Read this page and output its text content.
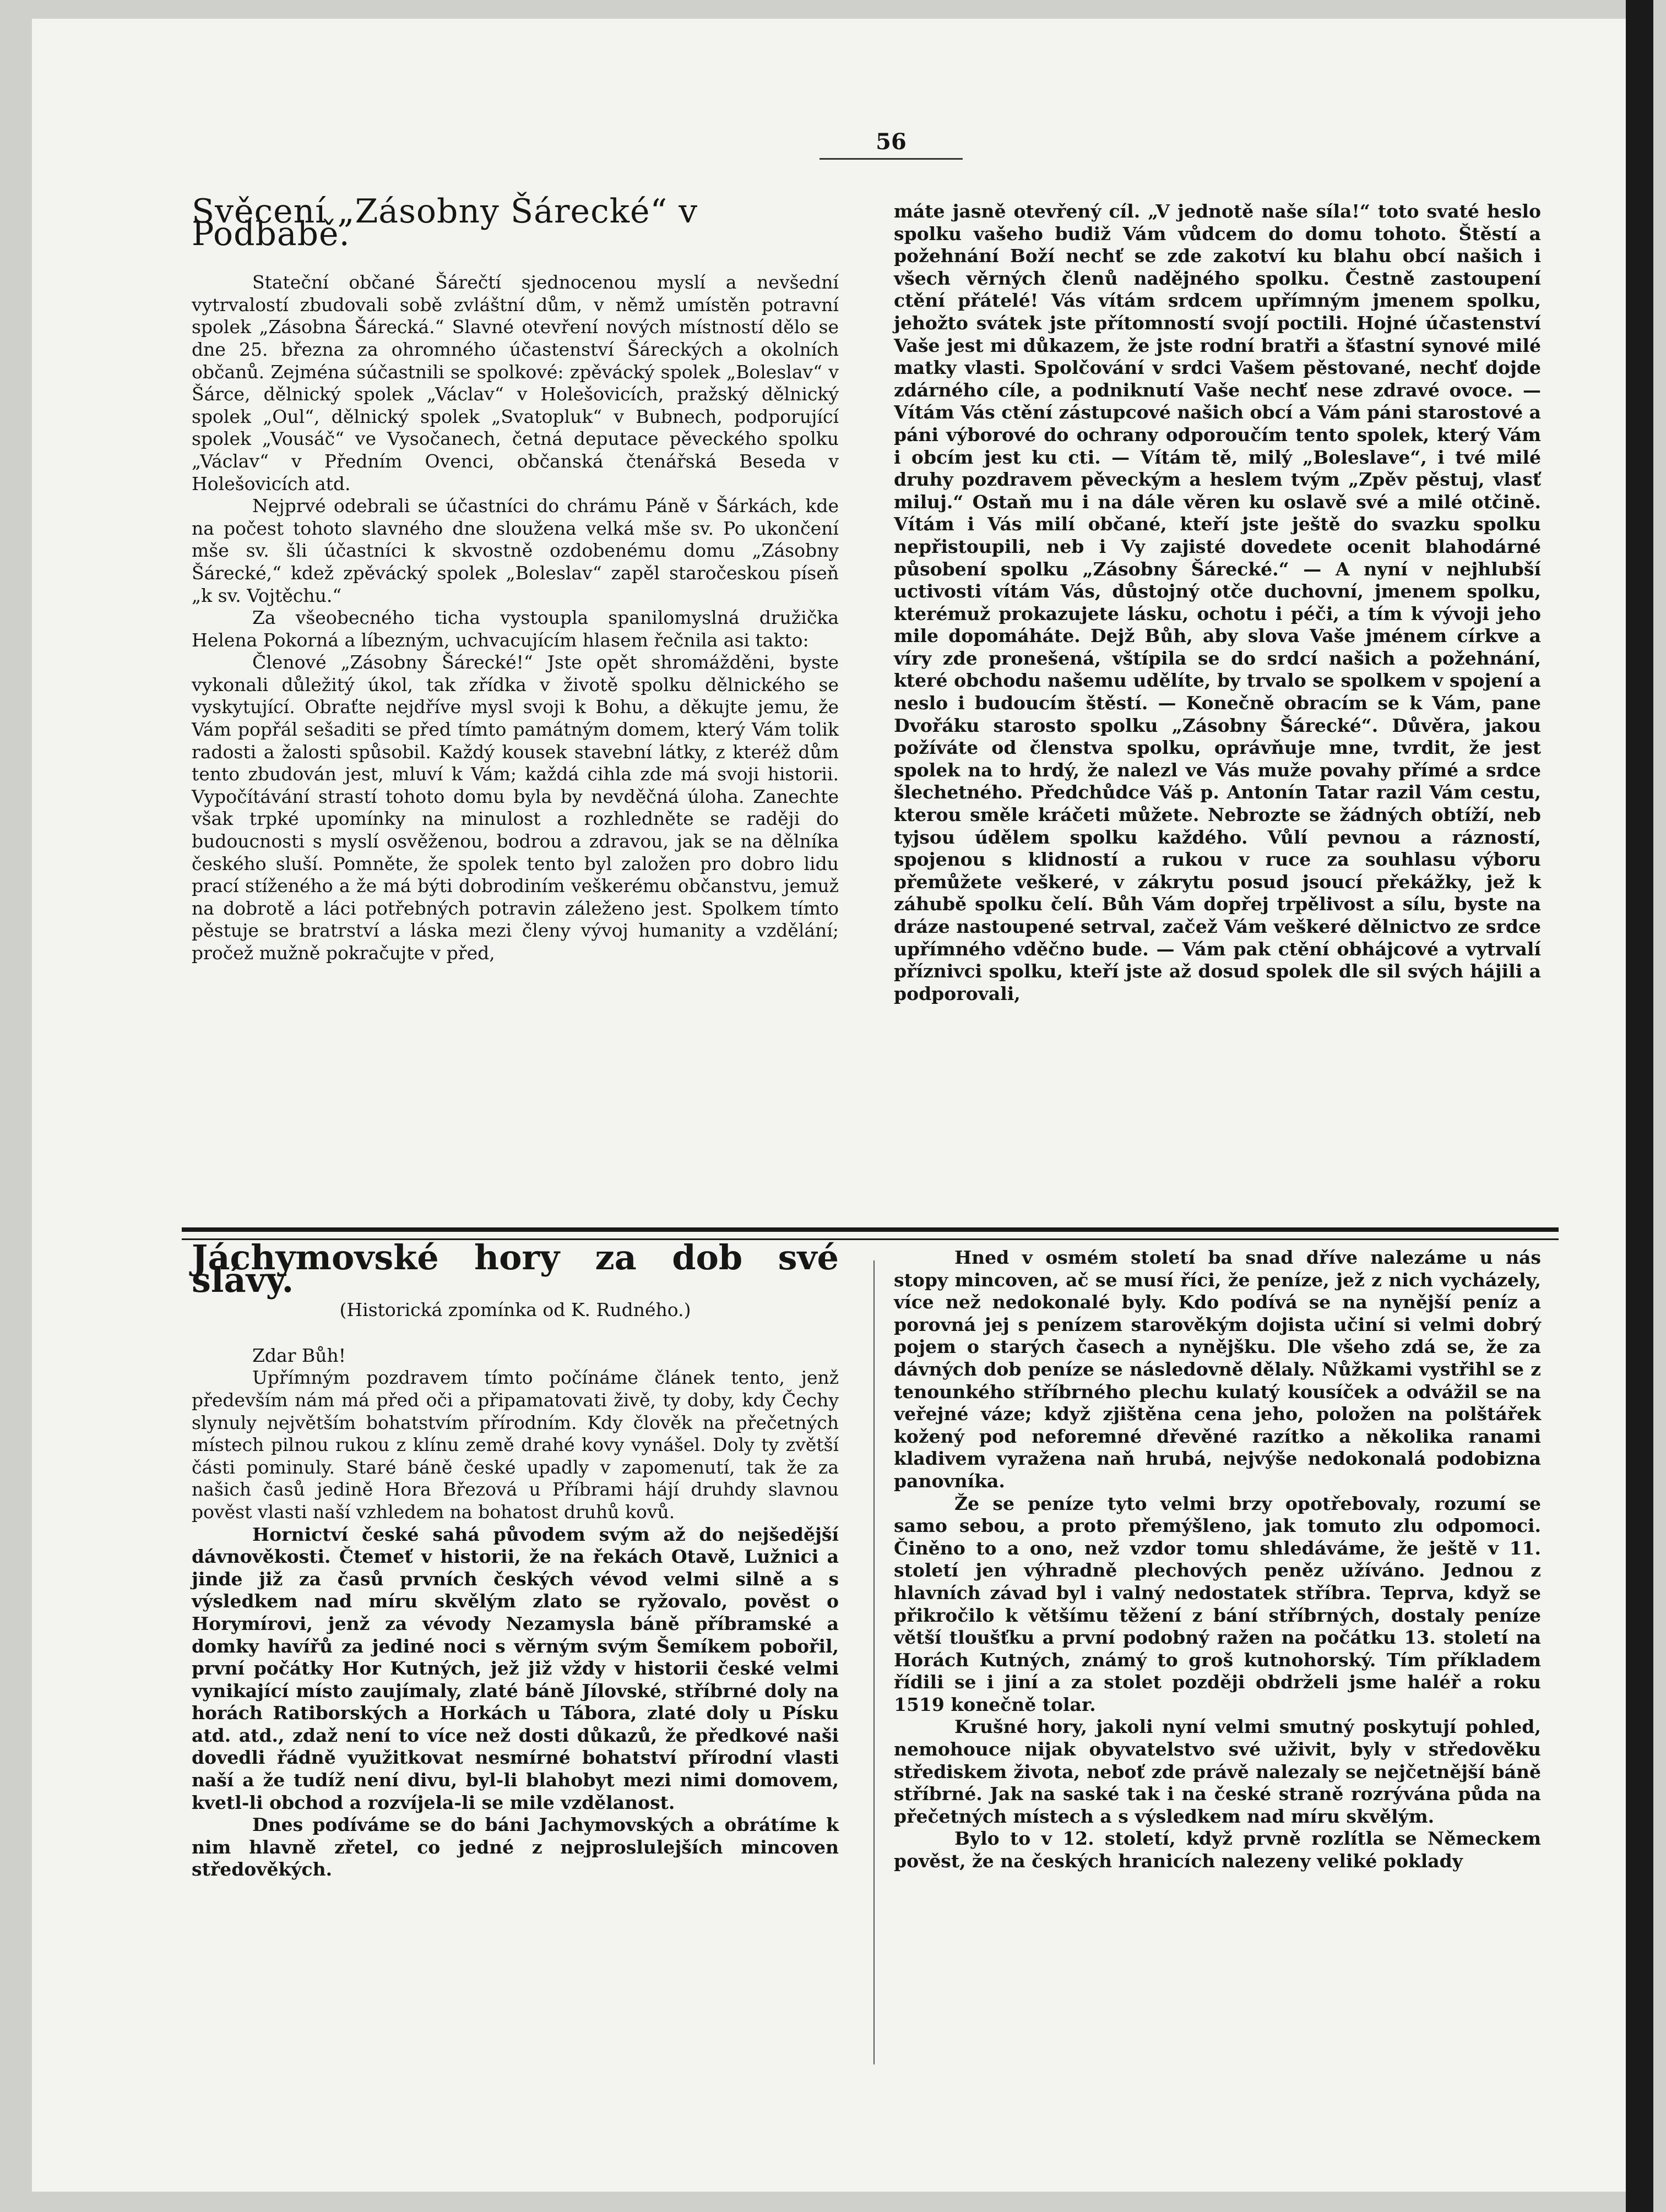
56
Svěcení „Zásobny Šárecké“ v Podbabě.

Stateční občané Šárečtí sjednocenou myslí a nevšední vytrvalostí zbudovali sobě zvláštní dům, v němž umístěn potravní spolek „Zásobna Šárecká.“ Slavné otevření nových místností dělo se dne 25. března za ohromného účastenství Šáreckých a okolních občanů. Zejména súčastnili se spolkové: zpěvácký spolek „Boleslav“ v Šárce, dělnický spolek „Václav“ v Holešovicích, pražský dělnický spolek „Oul“, dělnický spolek „Svatopluk“ v Bubnech, podporující spolek „Vousáč“ ve Vysočanech, četná deputace pěveckého spolku „Václav“ v Předním Ovenci, občanská čtenářská Beseda v Holešovicích atd.

Nejprvé odebrali se účastníci do chrámu Páně v Šárkách, kde na počest tohoto slavného dne sloužena velká mše sv. Po ukončení mše sv. šli účastníci k skvostně ozdobenému domu „Zásobny Šárecké,“ kdež zpěvácký spolek „Boleslav“ zapěl staročeskou píseň „k sv. Vojtěchu.“

Za všeobecného ticha vystoupla spanilomyslná družička Helena Pokorná a líbezným, uchvacujícím hlasem řečnila asi takto:

Členové „Zásobny Šárecké!“ Jste opět shromážděni, byste vykonali důležitý úkol, tak zřídka v životě spolku dělnického se vyskytující. Obraťte nejdříve mysl svoji k Bohu, a děkujte jemu, že Vám popřál sešaditi se před tímto památným domem, který Vám tolik radosti a žalosti spůsobil. Každý kousek stavební látky, z kteréž dům tento zbudován jest, mluví k Vám; každá cihla zde má svoji historii. Vypočítávání strastí tohoto domu byla by nevděčná úloha. Zanechte však trpké upomínky na minulost a rozhledněte se raději do budoucnosti s myslí osvěženou, bodrou a zdravou, jak se na dělníka českého sluší. Pomněte, že spolek tento byl založen pro dobro lidu prací stíženého a že má býti dobrodiním veškerému občanstvu, jemuž na dobrotě a láci potřebných potravin záleženo jest. Spolkem tímto pěstuje se bratrství a láska mezi členy vývoj humanity a vzdělání; pročež mužně pokračujte v před,

máte jasně otevřený cíl. „V jednotě naše síla!“ toto svaté heslo spolku vašeho budiž Vám vůdcem do domu tohoto. Štěstí a požehnání Boží nechť se zde zakotví ku blahu obcí našich i všech věrných členů nadějného spolku. Čestně zastoupení ctění přátelé! Vás vítám srdcem upřímným jmenem spolku, jehožto svátek jste přítomností svojí poctili. Hojné účastenství Vaše jest mi důkazem, že jste rodní bratři a šťastní synové milé matky vlasti. Spolčování v srdci Vašem pěstované, nechť dojde zdárného cíle, a podniknutí Vaše nechť nese zdravé ovoce. — Vítám Vás ctění zástupcové našich obcí a Vám páni starostové a páni výborové do ochrany odporoučím tento spolek, který Vám i obcím jest ku cti. — Vítám tě, milý „Boleslave“, i tvé milé druhy pozdravem pěveckým a heslem tvým „Zpěv pěstuj, vlasť miluj.“ Ostaň mu i na dále věren ku oslavě své a milé otčině. Vítám i Vás milí občané, kteří jste ještě do svazku spolku nepřistoupili, neb i Vy zajisté dovedete ocenit blahodárné působení spolku „Zásobny Šárecké.“ — A nyní v nejhlubší uctivosti vítám Vás, důstojný otče duchovní, jmenem spolku, kterémuž prokazujete lásku, ochotu i péči, a tím k vývoji jeho mile dopomáháte. Dejž Bůh, aby slova Vaše jménem církve a víry zde pronešená, vštípila se do srdcí našich a požehnání, které obchodu našemu udělíte, by trvalo se spolkem v spojení a neslo i budoucím štěstí. — Konečně obracím se k Vám, pane Dvořáku starosto spolku „Zásobny Šárecké“. Důvěra, jakou požíváte od členstva spolku, oprávňuje mne, tvrdit, že jest spolek na to hrdý, že nalezl ve Vás muže povahy přímé a srdce šlechetného. Předchůdce Váš p. Antonín Tatar razil Vám cestu, kterou směle kráčeti můžete. Nebrozte se žádných obtíží, neb tyjsou údělem spolku každého. Vůlí pevnou a rázností, spojenou s klidností a rukou v ruce za souhlasu výboru přemůžete veškeré, v zákrytu posud jsoucí překážky, jež k záhubě spolku čelí. Bůh Vám dopřej trpělivost a sílu, byste na dráze nastoupené setrval, začež Vám veškeré dělnictvo ze srdce upřímného vděčno bude. — Vám pak ctění obhájcové a vytrvalí příznivci spolku, kteří jste až dosud spolek dle sil svých hájili a podporovali,

Jáchymovské hory za dob své slávy.
(Historická zpomínka od K. Rudného.)

Zdar Bůh!

Upřímným pozdravem tímto počínáme článek tento, jenž především nám má před oči a připamatovati živě, ty doby, kdy Čechy slynuly největším bohatstvím přírodním. Kdy člověk na přečetných místech pilnou rukou z klínu země drahé kovy vynášel. Doly ty zvětší části pominuly. Staré báně české upadly v zapomenutí, tak že za našich časů jedině Hora Březová u Příbrami hájí druhdy slavnou pověst vlasti naší vzhledem na bohatost druhů kovů.

Hornictví české sahá původem svým až do nejšedější dávnověkosti. Čtemeť v historii, že na řekách Otavě, Lužnici a jinde již za časů prvních českých vévod velmi silně a s výsledkem nad míru skvělým zlato se ryžovalo, pověst o Horymírovi, jenž za vévody Nezamysla báně příbramské a domky havířů za jediné noci s věrným svým Šemíkem pobořil, první počátky Hor Kutných, jež již vždy v historii české velmi vynikající místo zaujímaly, zlaté báně Jílovské, stříbrné doly na horách Ratiborských a Horkách u Tábora, zlaté doly u Písku atd. atd., zdaž není to více než dosti důkazů, že předkové naši dovedli řádně využitkovat nesmírné bohatství přírodní vlasti naší a že tudíž není divu, byl-li blahobyt mezi nimi domovem, kvetl-li obchod a rozvíjela-li se mile vzdělanost.

Dnes podíváme se do báni Jachymovských a obrátíme k nim hlavně zřetel, co jedné z nejproslulejších mincoven středověkých.

Hned v osmém století ba snad dříve nalezáme u nás stopy mincoven, ač se musí říci, že peníze, jež z nich vycházely, více než nedokonalé byly. Kdo podívá se na nynější peníz a porovná jej s penízem starověkým dojista učiní si velmi dobrý pojem o starých časech a nynějšku. Dle všeho zdá se, že za dávných dob peníze se následovně dělaly. Nůžkami vystřihl se z tenounkého stříbrného plechu kulatý kousíček a odvážil se na veřejné váze; když zjištěna cena jeho, položen na polštářek kožený pod neforemné dřevěné razítko a několika ranami kladivem vyražena naň hrubá, nejvýše nedokonalá podobizna panovníka.

Že se peníze tyto velmi brzy opotřebovaly, rozumí se samo sebou, a proto přemýšleno, jak tomuto zlu odpomoci. Činěno to a ono, než vzdor tomu shledáváme, že ještě v 11. století jen výhradně plechových peněz užíváno. Jednou z hlavních závad byl i valný nedostatek stříbra. Teprva, když se přikročilo k většímu těžení z bání stříbrných, dostaly peníze větší tloušťku a první podobný ražen na počátku 13. století na Horách Kutných, známý to groš kutnohorský. Tím příkladem řídili se i jiní a za stolet později obdrželi jsme haléř a roku 1519 konečně tolar.

Krušné hory, jakoli nyní velmi smutný poskytují pohled, nemohouce nijak obyvatelstvo své uživit, byly v středověku střediskem života, neboť zde právě nalezaly se nejčetnější báně stříbrné. Jak na saské tak i na české straně rozrývána půda na přečetných místech a s výsledkem nad míru skvělým.

Bylo to v 12. století, když prvně rozlítla se Německem pověst, že na českých hranicích nalezeny veliké poklady
